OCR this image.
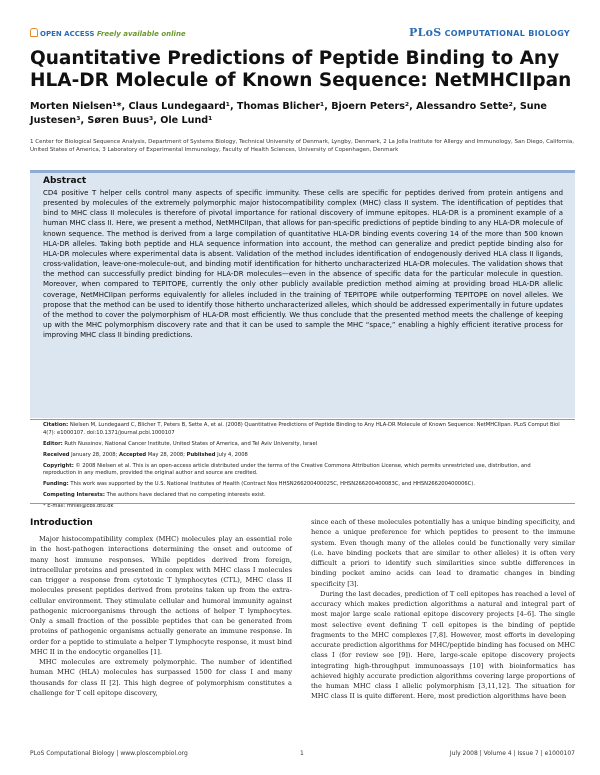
OPEN ACCESS Freely available online	PLoS COMPUTATIONAL BIOLOGY
Quantitative Predictions of Peptide Binding to Any HLA-DR Molecule of Known Sequence: NetMHCIIpan
Morten Nielsen¹*, Claus Lundegaard¹, Thomas Blicher¹, Bjoern Peters², Alessandro Sette², Sune Justesen³, Søren Buus³, Ole Lund¹
1 Center for Biological Sequence Analysis, Department of Systems Biology, Technical University of Denmark, Lyngby, Denmark, 2 La Jolla Institute for Allergy and Immunology, San Diego, California, United States of America, 3 Laboratory of Experimental Immunology, Faculty of Health Sciences, University of Copenhagen, Denmark
Abstract
CD4 positive T helper cells control many aspects of specific immunity. These cells are specific for peptides derived from protein antigens and presented by molecules of the extremely polymorphic major histocompatibility complex (MHC) class II system. The identification of peptides that bind to MHC class II molecules is therefore of pivotal importance for rational discovery of immune epitopes. HLA-DR is a prominent example of a human MHC class II. Here, we present a method, NetMHCIIpan, that allows for pan-specific predictions of peptide binding to any HLA-DR molecule of known sequence. The method is derived from a large compilation of quantitative HLA-DR binding events covering 14 of the more than 500 known HLA-DR alleles. Taking both peptide and HLA sequence information into account, the method can generalize and predict peptide binding also for HLA-DR molecules where experimental data is absent. Validation of the method includes identification of endogenously derived HLA class II ligands, cross-validation, leave-one-molecule-out, and binding motif identification for hitherto uncharacterized HLA-DR molecules. The validation shows that the method can successfully predict binding for HLA-DR molecules—even in the absence of specific data for the particular molecule in question. Moreover, when compared to TEPITOPE, currently the only other publicly available prediction method aiming at providing broad HLA-DR allelic coverage, NetMHCIIpan performs equivalently for alleles included in the training of TEPITOPE while outperforming TEPITOPE on novel alleles. We propose that the method can be used to identify those hitherto uncharacterized alleles, which should be addressed experimentally in future updates of the method to cover the polymorphism of HLA-DR most efficiently. We thus conclude that the presented method meets the challenge of keeping up with the MHC polymorphism discovery rate and that it can be used to sample the MHC “space,” enabling a highly efficient iterative process for improving MHC class II binding predictions.

Citation: Nielsen M, Lundegaard C, Blicher T, Peters B, Sette A, et al. (2008) Quantitative Predictions of Peptide Binding to Any HLA-DR Molecule of Known Sequence: NetMHCIIpan. PLoS Comput Biol 4(7): e1000107. doi:10.1371/journal.pcbi.1000107

Editor: Ruth Nussinov, National Cancer Institute, United States of America, and Tel Aviv University, Israel

Received January 28, 2008; Accepted May 28, 2008; Published July 4, 2008

Copyright: © 2008 Nielsen et al. This is an open-access article distributed under the terms of the Creative Commons Attribution License, which permits unrestricted use, distribution, and reproduction in any medium, provided the original author and source are credited.

Funding: This work was supported by the U.S. National Institutes of Health (Contract Nos HHSN266200400025C, HHSN266200400083C, and HHSN266200400006C).

Competing Interests: The authors have declared that no competing interests exist.

* E-mail: mniel@cbs.dtu.dk

Introduction

Major histocompatibility complex (MHC) molecules play an essential role in the host-pathogen interactions determining the onset and outcome of many host immune responses. While peptides derived from foreign, intracellular proteins and presented in complex with MHC class I molecules can trigger a response from cytotoxic T lymphocytes (CTL), MHC class II molecules present peptides derived from proteins taken up from the extra-cellular environment. They stimulate cellular and humoral immunity against pathogenic microorganisms through the actions of helper T lymphocytes. Only a small fraction of the possible peptides that can be generated from proteins of pathogenic organisms actually generate an immune response. In order for a peptide to stimulate a helper T lymphocyte response, it must bind MHC II in the endocytic organelles [1].

MHC molecules are extremely polymorphic. The number of identified human MHC (HLA) molecules has surpassed 1500 for class I and many thousands for class II [2]. This high degree of polymorphism constitutes a challenge for T cell epitope discovery,

since each of these molecules potentially has a unique binding specificity, and hence a unique preference for which peptides to present to the immune system. Even though many of the alleles could be functionally very similar (i.e. have binding pockets that are similar to other alleles) it is often very difficult a priori to identify such similarities since subtle differences in binding pocket amino acids can lead to dramatic changes in binding specificity [3].

During the last decades, prediction of T cell epitopes has reached a level of accuracy which makes prediction algorithms a natural and integral part of most major large scale rational epitope discovery projects [4–6]. The single most selective event defining T cell epitopes is the binding of peptide fragments to the MHC complexes [7,8]. However, most efforts in developing accurate prediction algorithms for MHC/peptide binding has focused on MHC class I (for review see [9]). Here, large-scale epitope discovery projects integrating high-throughput immunoassays [10] with bioinformatics has achieved highly accurate prediction algorithms covering large proportions of the human MHC class I allelic polymorphism [3,11,12]. The situation for MHC class II is quite different. Here, most prediction algorithms have been

PLoS Computational Biology | www.ploscompbiol.org	1	July 2008 | Volume 4 | Issue 7 | e1000107
